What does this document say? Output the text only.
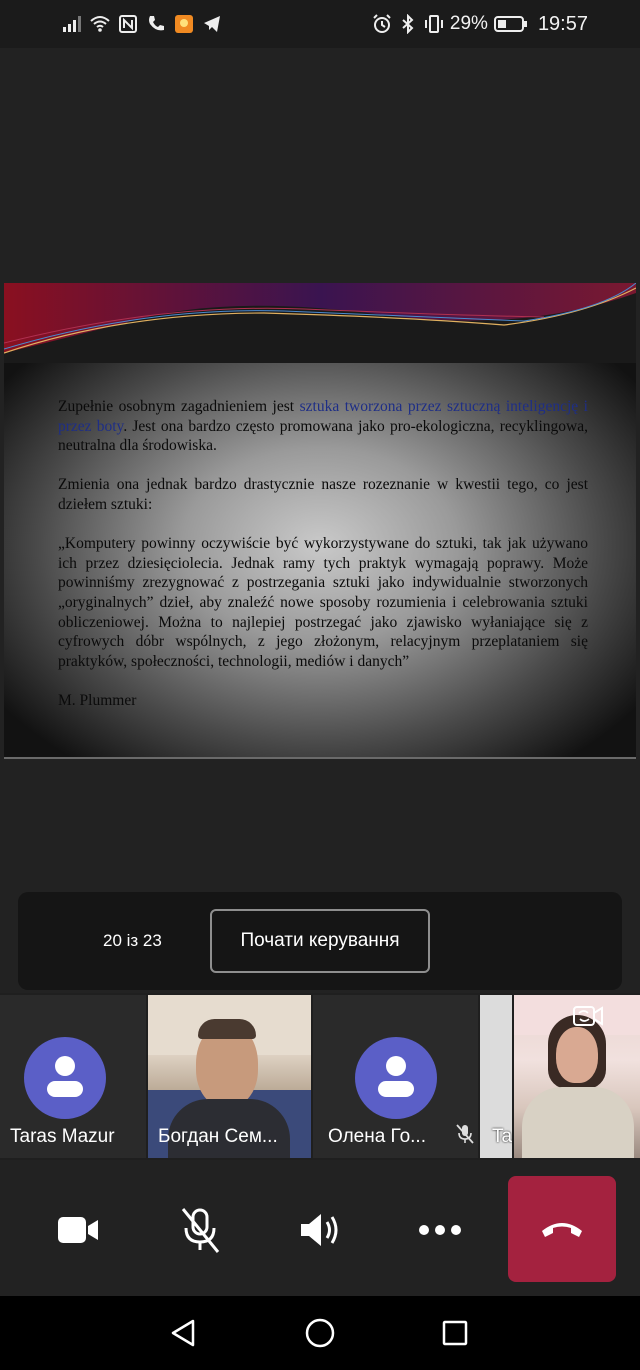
29%	19:57

Zupełnie osobnym zagadnieniem jest sztuka tworzona przez sztuczną inteligencję i przez boty. Jest ona bardzo często promowana jako pro-ekologiczna, recyklingowa, neutralna dla środowiska.

Zmienia ona jednak bardzo drastycznie nasze rozeznanie w kwestii tego, co jest dziełem sztuki:

„Komputery powinny oczywiście być wykorzystywane do sztuki, tak jak używano ich przez dziesięciolecia. Jednak ramy tych praktyk wymagają poprawy. Może powinniśmy zrezygnować z postrzegania sztuki jako indywidualnie stworzonych „oryginalnych” dzieł, aby znaleźć nowe sposoby rozumienia i celebrowania sztuki obliczeniowej. Można to najlepiej postrzegać jako zjawisko wyłaniające się z cyfrowych dóbr wspólnych, z jego złożonym, relacyjnym przeplataniem się praktyków, społeczności, technologii, mediów i danych”

M. Plummer

20 із 23	Почати керування
Taras Mazur Богдан Сем...	Олена Го...	Ta
